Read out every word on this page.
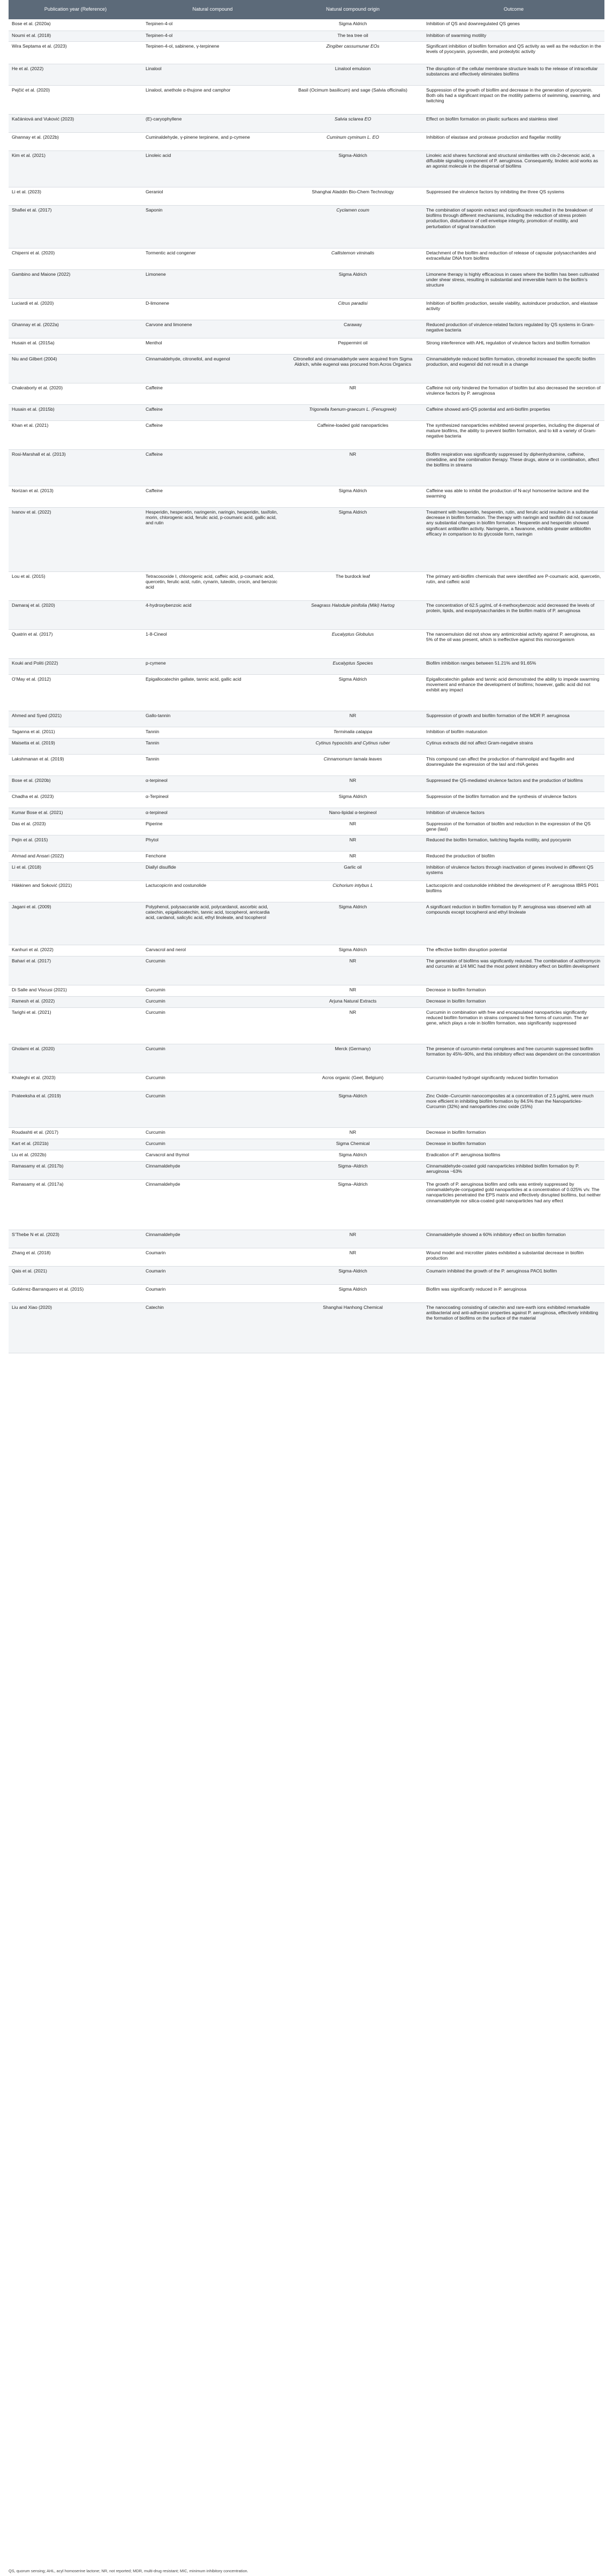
Publication year (Reference)	Natural compound	Natural compound origin	Outcome
Bose et al. (2020a)	Terpinen-4-ol	Sigma Aldrich	Inhibition of QS and downregulated QS genes
Noumi et al. (2018)	Terpinen-4-ol	The tea tree oil	Inhibition of swarming motility
Wira Septama et al. (2023)	Terpinen-4-ol, sabinene, γ-terpinene	Zingiber cassumunar EOs	Significant inhibition of biofilm formation and QS activity as well as the reduction in the levels of pyocyanin, pyoverdin, and proteolytic activity
He et al. (2022)	Linalool	Linalool emulsion	The disruption of the cellular membrane structure leads to the release of intracellular substances and effectively eliminates biofilms
Pejčić et al. (2020)	Linalool, anethole α-thujone and camphor	Basil (Ocimum basilicum) and sage (Salvia officinalis)	Suppression of the growth of biofilm and decrease in the generation of pyocyanin. Both oils had a significant impact on the motility patterns of swimming, swarming, and twitching
Kačániová and Vuković (2023)	(E)-caryophyllene	Salvia sclarea EO	Effect on biofilm formation on plastic surfaces and stainless steel
Ghannay et al. (2022b)	Cuminaldehyde, γ-pinene terpinene, and p-cymene	Cuminum cyminum L. EO	Inhibition of elastase and protease production and flagellar motility
Kim et al. (2021)	Linoleic acid	Sigma-Aldrich	Linoleic acid shares functional and structural similarities with cis-2-decenoic acid, a diffusible signaling component of P. aeruginosa. Consequently, linoleic acid works as an agonist molecule in the dispersal of biofilms
Li et al. (2023)	Geraniol	Shanghai Aladdin Bio-Chem Technology	Suppressed the virulence factors by inhibiting the three QS systems
Shafiei et al. (2017)	Saponin	Cyclamen coum	The combination of saponin extract and ciprofloxacin resulted in the breakdown of biofilms through different mechanisms, including the reduction of stress protein production, disturbance of cell envelope integrity, promotion of motility, and perturbation of signal transduction
Chiperni et al. (2020)	Tormentic acid congener	Callistemon viminalis	Detachment of the biofilm and reduction of release of capsular polysaccharides and extracellular DNA from biofilms
Gambino and Maione (2022)	Limonene	Sigma Aldrich	Limonene therapy is highly efficacious in cases where the biofilm has been cultivated under shear stress, resulting in substantial and irreversible harm to the biofilm’s structure
Luciardi et al. (2020)	D-limonene	Citrus paradisi	Inhibition of biofilm production, sessile viability, autoinducer production, and elastase activity
Ghannay et al. (2022a)	Carvone and limonene	Caraway	Reduced production of virulence-related factors regulated by QS systems in Gram-negative bacteria
Husain et al. (2015a)	Menthol	Peppermint oil	Strong interference with AHL regulation of virulence factors and biofilm formation
Niu and Gilbert (2004)	Cinnamaldehyde, citronellol, and eugenol	Citronellol and cinnamaldehyde were acquired from Sigma Aldrich, while eugenol was procured from Acros Organics	Cinnamaldehyde reduced biofilm formation, citronellol increased the specific biofilm production, and eugenol did not result in a change
Chakraborty et al. (2020)	Caffeine	NR	Caffeine not only hindered the formation of biofilm but also decreased the secretion of virulence factors by P. aeruginosa
Husain et al. (2015b)	Caffeine	Trigonella foenum-graecum L. (Fenugreek)	Caffeine showed anti-QS potential and anti-biofilm properties
Khan et al. (2021)	Caffeine	Caffeine-loaded gold nanoparticles	The synthesized nanoparticles exhibited several properties, including the dispersal of mature biofilms, the ability to prevent biofilm formation, and to kill a variety of Gram-negative bacteria
Rosi-Marshall et al. (2013)	Caffeine	NR	Biofilm respiration was significantly suppressed by diphenhydramine, caffeine, cimetidine, and the combination therapy. These drugs, alone or in combination, affect the biofilms in streams
Norizan et al. (2013)	Caffeine	Sigma Aldrich	Caffeine was able to inhibit the production of N-acyl homoserine lactone and the swarming
Ivanov et al. (2022)	Hesperidin, hesperetin, naringenin, naringin, hesperidin, taxifolin, morin, chlorogenic acid, ferulic acid, p-coumaric acid, gallic acid, and rutin	Sigma Aldrich	Treatment with hesperidin, hesperetin, rutin, and ferulic acid resulted in a substantial decrease in biofilm formation. The therapy with naringin and taxifolin did not cause any substantial changes in biofilm formation. Hesperetin and hesperidin showed significant antibiofilm activity. Naringenin, a flavanone, exhibits greater antibiofilm efficacy in comparison to its glycoside form, naringin
Lou et al. (2015)	Tetracosoxide I, chlorogenic acid, caffeic acid, p-coumaric acid, quercetin, ferulic acid, rutin, cynarin, luteolin, crocin, and benzoic acid	The burdock leaf	The primary anti-biofilm chemicals that were identified are P-coumaric acid, quercetin, rutin, and caffeic acid
Damaraj et al. (2020)	4-hydroxybenzoic acid	Seagrass Halodule pinifolia (Miki) Hartog	The concentration of 62.5 µg/mL of 4-methoxybenzoic acid decreased the levels of protein, lipids, and exopolysaccharides in the biofilm matrix of P. aeruginosa
Quatrin et al. (2017)	1-8-Cineol	Eucalyptus Globulus	The nanoemulsion did not show any antimicrobial activity against P. aeruginosa, as 5% of the oil was present, which is ineffective against this microorganism
Kouki and Politi (2022)	p-cymene	Eucalyptus Species	Biofilm inhibition ranges between 51.21% and 91.65%
O’May et al. (2012)	Epigallocatechin gallate, tannic acid, gallic acid	Sigma Aldrich	Epigallocatechin gallate and tannic acid demonstrated the ability to impede swarming movement and enhance the development of biofilms; however, gallic acid did not exhibit any impact
Ahmed and Syed (2021)	Gallo-tannin	NR	Suppression of growth and biofilm formation of the MDR P. aeruginosa
Taganna et al. (2011)	Tannin	Terminalia catappa	Inhibition of biofilm maturation
Maisetta et al. (2019)	Tannin	Cytinus hypocistis and Cytinus ruber	Cytinus extracts did not affect Gram-negative strains
Lakshmanan et al. (2019)	Tannin	Cinnamomum tamala leaves	This compound can affect the production of rhamnolipid and flagellin and downregulate the expression of the lasI and rhlA genes
Bose et al. (2020b)	α-terpineol	NR	Suppressed the QS-mediated virulence factors and the production of biofilms
Chadha et al. (2023)	α-Terpineol	Sigma Aldrich	Suppression of the biofilm formation and the synthesis of virulence factors
Kumar Bose et al. (2021)	α-terpineol	Nano-lipidal α-terpineol	Inhibition of virulence factors
Das et al. (2023)	Piperine	NR	Suppression of the formation of biofilm and reduction in the expression of the QS gene (lasI)
Pejin et al. (2015)	Phytol	NR	Reduced the biofilm formation, twitching flagella motility, and pyocyanin
Ahmad and Ansari (2022)	Fenchone	NR	Reduced the production of biofilm
Li et al. (2018)	Diallyl disulfide	Garlic oil	Inhibition of virulence factors through inactivation of genes involved in different QS systems
Häkkinen and Soković (2021)	Lactucopicrin and costunolide	Cichorium intybus L	Lactucopicrin and costunolide inhibited the development of P. aeruginosa IBRS P001 biofilms
Jagani et al. (2009)	Polyphenol, polysaccaride acid, polycardanol, ascorbic acid, catechin, epigallocatechin, tannic acid, tocopherol, anricardia acid, cardanol, salicylic acid, ethyl linoleate, and tocopherol	Sigma Aldrich	A significant reduction in biofilm formation by P. aeruginosa was observed with all compounds except tocopherol and ethyl linoleate
Kanhuri et al. (2022)	Carvacrol and nerol	Sigma Aldrich	The effective biofilm disruption potential
Bahari et al. (2017)	Curcumin	NR	The generation of biofilms was significantly reduced. The combination of azithromycin and curcumin at 1/4 MIC had the most potent inhibitory effect on biofilm development
Di Salle and Viscusi (2021)	Curcumin	NR	Decrease in biofilm formation
Ramesh et al. (2022)	Curcumin	Arjuna Natural Extracts	Decrease in biofilm formation
Tarighi et al. (2021)	Curcumin	NR	Curcumin in combination with free and encapsulated nanoparticles significantly reduced biofilm formation in strains compared to free forms of curcumin. The arr gene, which plays a role in biofilm formation, was significantly suppressed
Gholami et al. (2020)	Curcumin	Merck (Germany)	The presence of curcumin-metal complexes and free curcumin suppressed biofilm formation by 45%–90%, and this inhibitory effect was dependent on the concentration
Khaleghi et al. (2023)	Curcumin	Acros organic (Geel, Belgium)	Curcumin-loaded hydrogel significantly reduced biofilm formation
Prateeksha et al. (2019)	Curcumin	Sigma-Aldrich	Zinc Oxide–Curcumin nanocomposites at a concentration of 2.5 µg/mL were much more efficient in inhibiting biofilm formation by 84.5% than the Nanoparticles-Curcumin (32%) and nanoparticles-zinc oxide (15%)
Roudashti et al. (2017)	Curcumin	NR	Decrease in biofilm formation
Kart et al. (2021b)	Curcumin	Sigma Chemical	Decrease in biofilm formation
Liu et al. (2022b)	Carvacrol and thymol	Sigma Aldrich	Eradication of P. aeruginosa biofilms
Ramasamy et al. (2017b)	Cinnamaldehyde	Sigma–Aldrich	Cinnamaldehyde-coated gold nanoparticles inhibited biofilm formation by P. aeruginosa ~63%
Ramasamy et al. (2017a)	Cinnamaldehyde	Sigma–Aldrich	The growth of P. aeruginosa biofilm and cells was entirely suppressed by cinnamaldehyde-conjugated gold nanoparticles at a concentration of 0.025% v/v. The nanoparticles penetrated the EPS matrix and effectively disrupted biofilms, but neither cinnamaldehyde nor silica-coated gold nanoparticles had any effect
S’Thebe N et al. (2023)	Cinnamaldehyde	NR	Cinnamaldehyde showed a 60% inhibitory effect on biofilm formation
Zhang et al. (2018)	Coumarin	NR	Wound model and microtiter plates exhibited a substantial decrease in biofilm production
Qais et al. (2021)	Coumarin	Sigma-Aldrich	Coumarin inhibited the growth of the P. aeruginosa PAO1 biofilm
Gutiérrez-Barranquero et al. (2015)	Coumarin	Sigma Aldrich	Biofilm was significantly reduced in P. aeruginosa
Liu and Xiao (2020)	Catechin	Shanghai Hanhong Chemical	The nanocoating consisting of catechin and rare-earth ions exhibited remarkable antibacterial and anti-adhesion properties against P. aeruginosa, effectively inhibiting the formation of biofilms on the surface of the material
QS, quorum sensing; AHL, acyl homoserine lactone; NR, not reported; MDR, multi-drug resistant; MIC, minimum inhibitory concentration.
